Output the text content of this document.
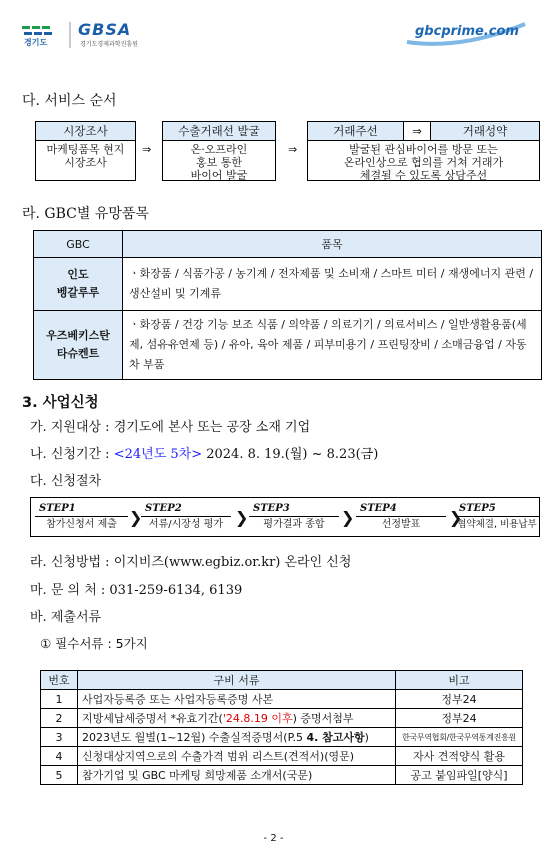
경기도
GBSA
경기도경제과학진흥원
gbcprime.com
다. 서비스 순서
시장조사
마케팅품목 현지
시장조사
⇒
수출거래선 발굴
온·오프라인
홍보 통한
바이어 발굴
⇒
거래주선	⇒	거래성약
발굴된 관심바이어를 방문 또는
온라인상으로 협의를 거쳐 거래가
체결될 수 있도록 상담주선
라. GBC별 유망품목
GBC	품목

인도
벵갈루루	ㆍ화장품 / 식품가공 / 농기계 / 전자제품 및 소비재 / 스마트 미터 / 재생에너지 관련 / 생산설비 및 기계류

우즈베키스탄
타슈켄트	ㆍ화장품 / 건강 기능 보조 식품 / 의약품 / 의료기기 / 의료서비스 / 일반생활용품(세제, 섬유유연제 등) / 유아, 육아 제품 / 피부미용기 / 프린팅장비 / 소매금융업 / 자동차 부품
3. 사업신청
가. 지원대상 : 경기도에 본사 또는 공장 소재 기업
나. 신청기간 : <24년도 5차> 2024. 8. 19.(월) ~ 8.23(금)
다. 신청절차
STEP1
참가신청서 제출 ❯ STEP2
서류/시장성 평가 ❯ STEP3
평가결과 종합	❯ STEP4
선정발표	❯
STEP5
협약체결, 비용납부
라. 신청방법 : 이지비즈(www.egbiz.or.kr) 온라인 신청
마. 문 의 처 : 031-259-6134, 6139
바. 제출서류
① 필수서류 : 5가지
번호	구비 서류	비고
1	사업자등록증 또는 사업자등록증명 사본	정부24
2	지방세납세증명서 *유효기간('24.8.19 이후) 증명서첨부	정부24
3	2023년도 월별(1~12월) 수출실적증명서(P.5 4. 참고사항)	한국무역협회/한국무역통계진흥원
4	신청대상지역으로의 수출가격 범위 리스트(견적서)(영문)	자사 견적양식 활용
5	참가기업 및 GBC 마케팅 희망제품 소개서(국문)	공고 붙임파일[양식]
- 2 -
